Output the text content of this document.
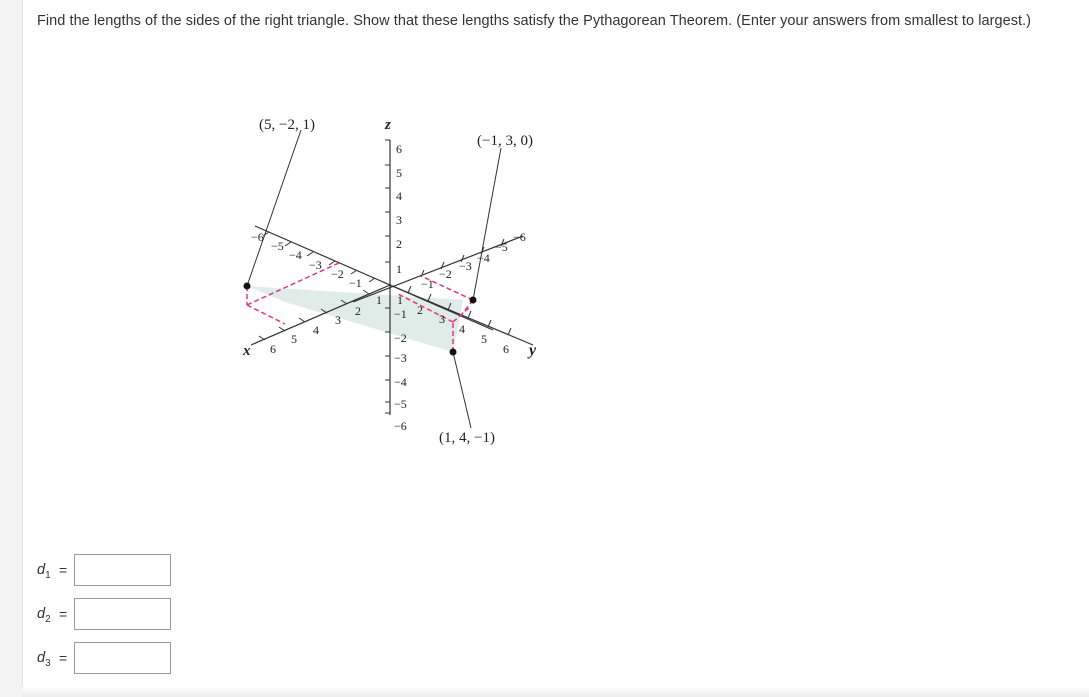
Find the lengths of the sides of the right triangle. Show that these lengths satisfy the Pythagorean Theorem. (Enter your answers from smallest to largest.)
(5, −2, 1)
(−1, 3, 0)
(1, 4, −1)
z
x	y
6
5
4
3
2
1
−1
−2
−3
−4
−5
−6
1
2
3
4
5
6
−1
−2
−3
−4
−5
−6
1
2
3
4
5
6
−1
−2
−3
−4
−5
−6
$d_1$ =
$d_2$ =
$d_3$ =
